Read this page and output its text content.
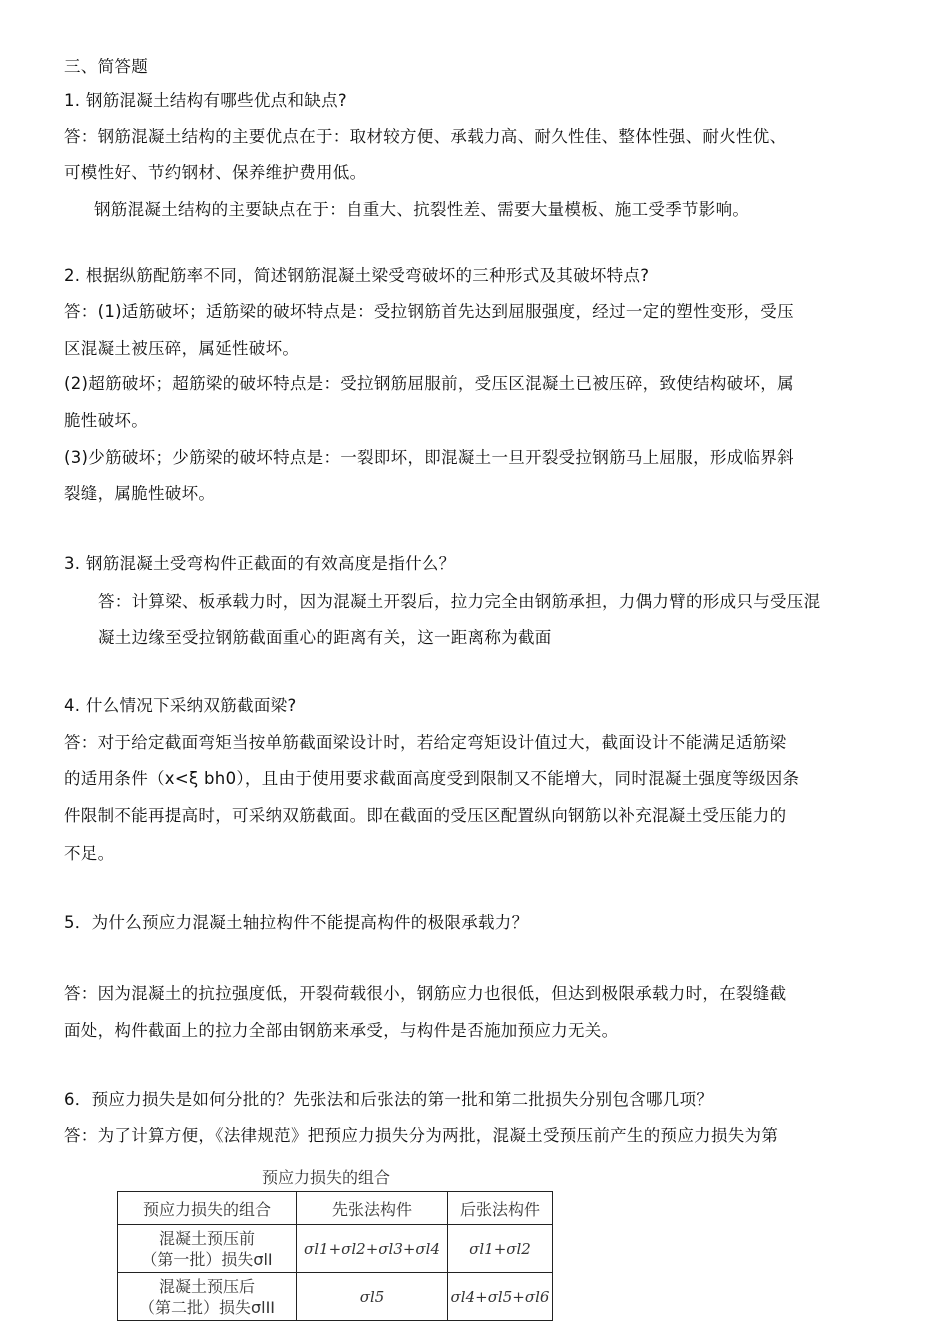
三、简答题
1. 钢筋混凝土结构有哪些优点和缺点?
答：钢筋混凝土结构的主要优点在于：取材较方便、承载力高、耐久性佳、整体性强、耐火性优、
可模性好、节约钢材、保养维护费用低。
钢筋混凝土结构的主要缺点在于：自重大、抗裂性差、需要大量模板、施工受季节影响。
2. 根据纵筋配筋率不同，简述钢筋混凝土梁受弯破坏的三种形式及其破坏特点?
答：(1)适筋破坏；适筋梁的破坏特点是：受拉钢筋首先达到屈服强度，经过一定的塑性变形，受压
区混凝土被压碎，属延性破坏。
(2)超筋破坏；超筋梁的破坏特点是：受拉钢筋屈服前，受压区混凝土已被压碎，致使结构破坏，属
脆性破坏。
(3)少筋破坏；少筋梁的破坏特点是：一裂即坏，即混凝土一旦开裂受拉钢筋马上屈服，形成临界斜
裂缝，属脆性破坏。
3. 钢筋混凝土受弯构件正截面的有效高度是指什么？
答：计算梁、板承载力时，因为混凝土开裂后，拉力完全由钢筋承担，力偶力臂的形成只与受压混
凝土边缘至受拉钢筋截面重心的距离有关，这一距离称为截面
4. 什么情况下采纳双筋截面梁?
答：对于给定截面弯矩当按单筋截面梁设计时，若给定弯矩设计值过大，截面设计不能满足适筋梁
的适用条件（x<ξ bh0），且由于使用要求截面高度受到限制又不能增大，同时混凝土强度等级因条
件限制不能再提高时，可采纳双筋截面。即在截面的受压区配置纵向钢筋以补充混凝土受压能力的
不足。
5．为什么预应力混凝土轴拉构件不能提高构件的极限承载力？
答：因为混凝土的抗拉强度低，开裂荷载很小，钢筋应力也很低，但达到极限承载力时，在裂缝截
面处，构件截面上的拉力全部由钢筋来承受，与构件是否施加预应力无关。
6．预应力损失是如何分批的？先张法和后张法的第一批和第二批损失分别包含哪几项？
答：为了计算方便，《法律规范》把预应力损失分为两批，混凝土受预压前产生的预应力损失为第
预应力损失的组合
预应力损失的组合	先张法构件	后张法构件

混凝土预压前
（第一批）损失σlI	σl1+σl2+σl3+σl4	σl1+σl2

混凝土预压后
（第二批）损失σlII	σl5	σl4+σl5+σl6
